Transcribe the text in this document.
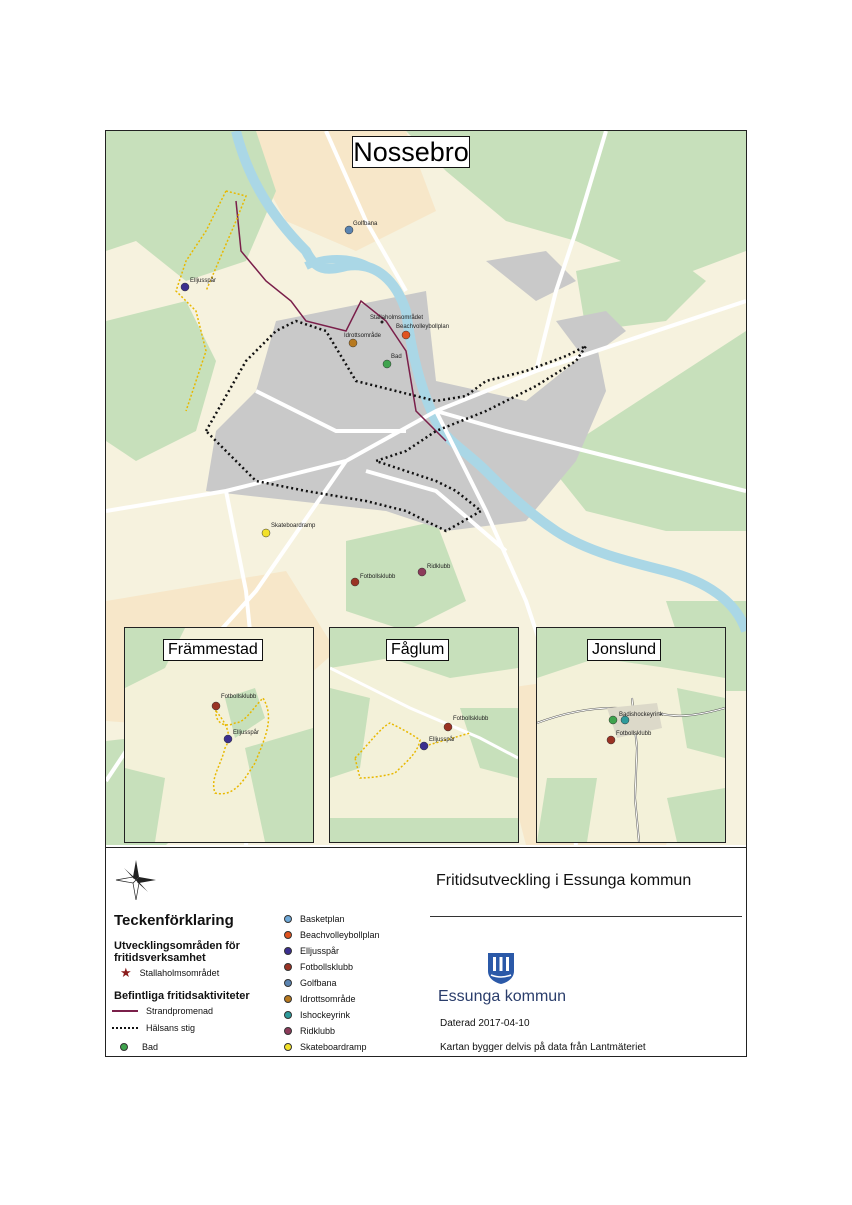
Golfbana
Elljusspår
Stallaholmsområdet
Beachvolleybollplan
Idrottsområde
Bad
Skateboardramp
Ridklubb
Fotbollsklubb
Nossebro
Fotbollsklubb
Elljusspår
Främmestad
Fotbollsklubb
Elljusspår
Fåglum
Badishockeyrink
Fotbollsklubb
Jonslund
Teckenförklaring
Utvecklingsområden för fritidsverksamhet
★ Stallaholmsområdet
Befintliga fritidsaktiviteter
Strandpromenad
Hälsans stig
Bad
Basketplan
Beachvolleybollplan
Elljusspår
Fotbollsklubb
Golfbana
Idrottsområde
Ishockeyrink
Ridklubb
Skateboardramp
Fritidsutveckling i Essunga kommun
Essunga kommun
Daterad 2017-04-10
Kartan bygger delvis på data från Lantmäteriet
